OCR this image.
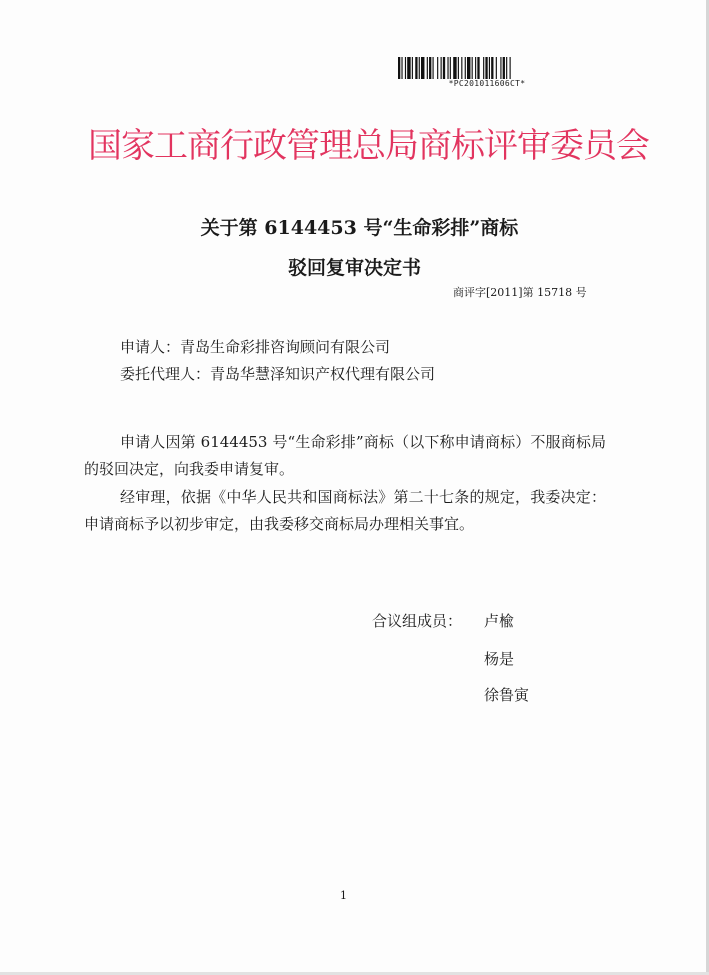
*PC201011606CT*
国家工商行政管理总局商标评审委员会
关于第 6144453 号“生命彩排”商标
驳回复审决定书
商评字[2011]第 15718 号
申请人：青岛生命彩排咨询顾问有限公司
委托代理人：青岛华慧泽知识产权代理有限公司

申请人因第 6144453 号“生命彩排”商标（以下称申请商标）不服商标局的驳回决定，向我委申请复审。

经审理，依据《中华人民共和国商标法》第二十七条的规定，我委决定：申请商标予以初步审定，由我委移交商标局办理相关事宜。

合议组成员： 卢楡
杨是
徐鲁寅
1
